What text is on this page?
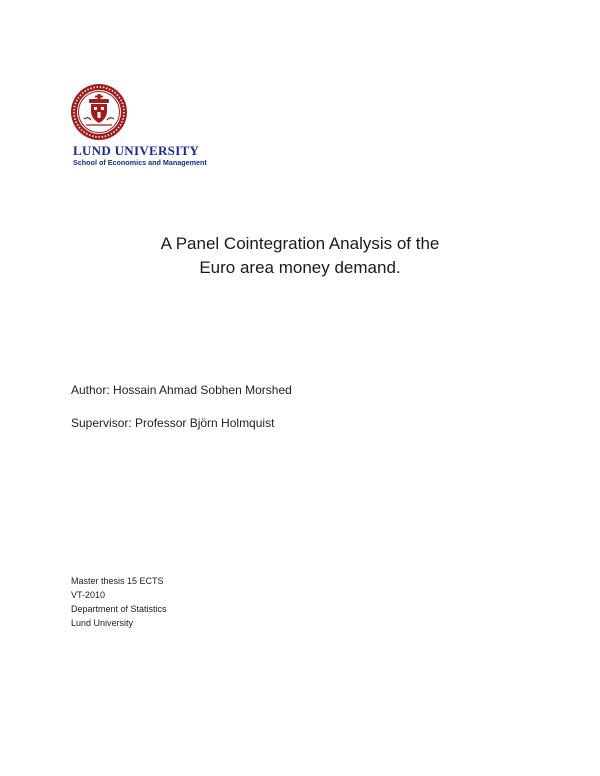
LUND UNIVERSITY
School of Economics and Management
A Panel Cointegration Analysis of the
Euro area money demand.
Author: Hossain Ahmad Sobhen Morshed
Supervisor: Professor Björn Holmquist
Master thesis 15 ECTS
VT-2010
Department of Statistics
Lund University
